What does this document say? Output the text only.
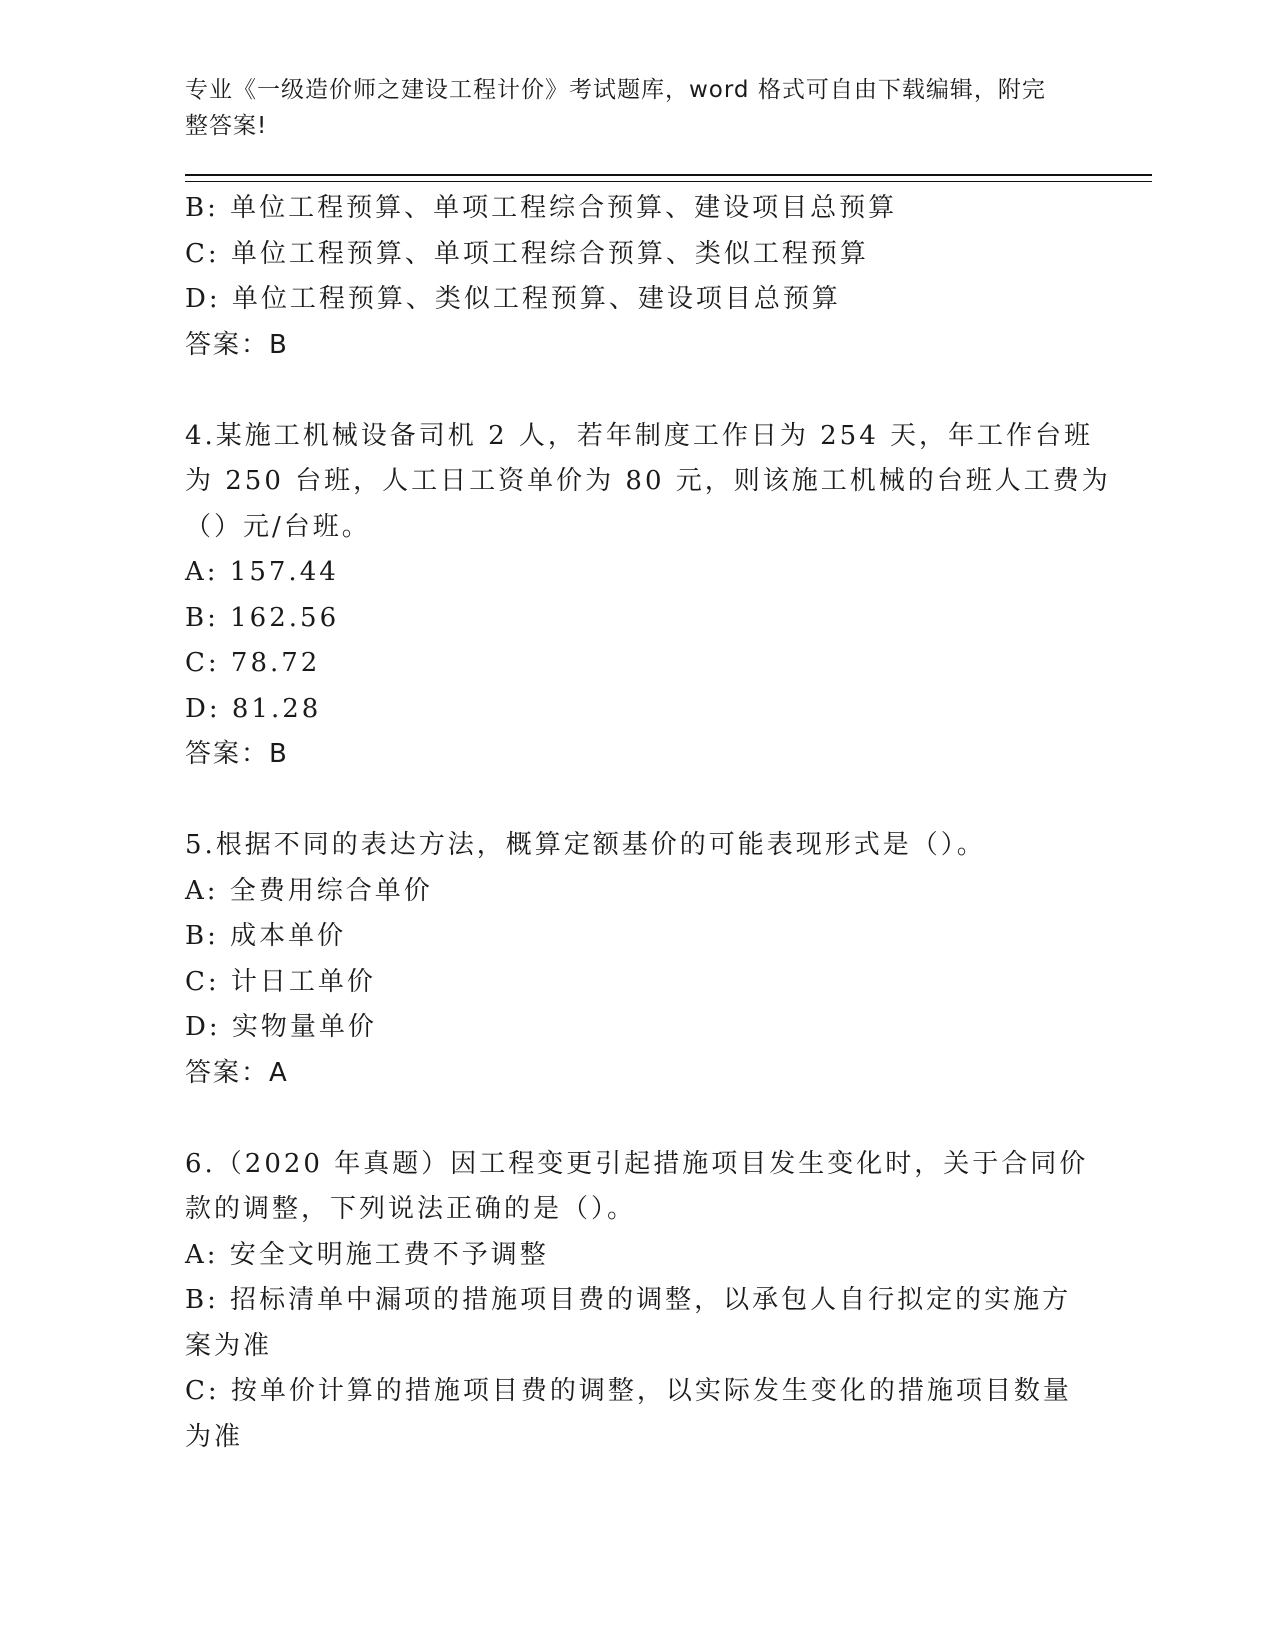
专业《一级造价师之建设工程计价》考试题库，word 格式可自由下载编辑，附完
整答案!

B: 单位工程预算、单项工程综合预算、建设项目总预算

C: 单位工程预算、单项工程综合预算、类似工程预算

D: 单位工程预算、类似工程预算、建设项目总预算

答案：B

4.某施工机械设备司机 2 人，若年制度工作日为 254 天，年工作台班

为 250 台班，人工日工资单价为 80 元，则该施工机械的台班人工费为

（）元/台班。

A: 157.44

B: 162.56

C: 78.72

D: 81.28

答案：B

5.根据不同的表达方法，概算定额基价的可能表现形式是（）。

A: 全费用综合单价

B: 成本单价

C: 计日工单价

D: 实物量单价

答案：A

6.（2020 年真题）因工程变更引起措施项目发生变化时，关于合同价

款的调整，下列说法正确的是（）。

A: 安全文明施工费不予调整

B: 招标清单中漏项的措施项目费的调整，以承包人自行拟定的实施方

案为准

C: 按单价计算的措施项目费的调整，以实际发生变化的措施项目数量

为准
